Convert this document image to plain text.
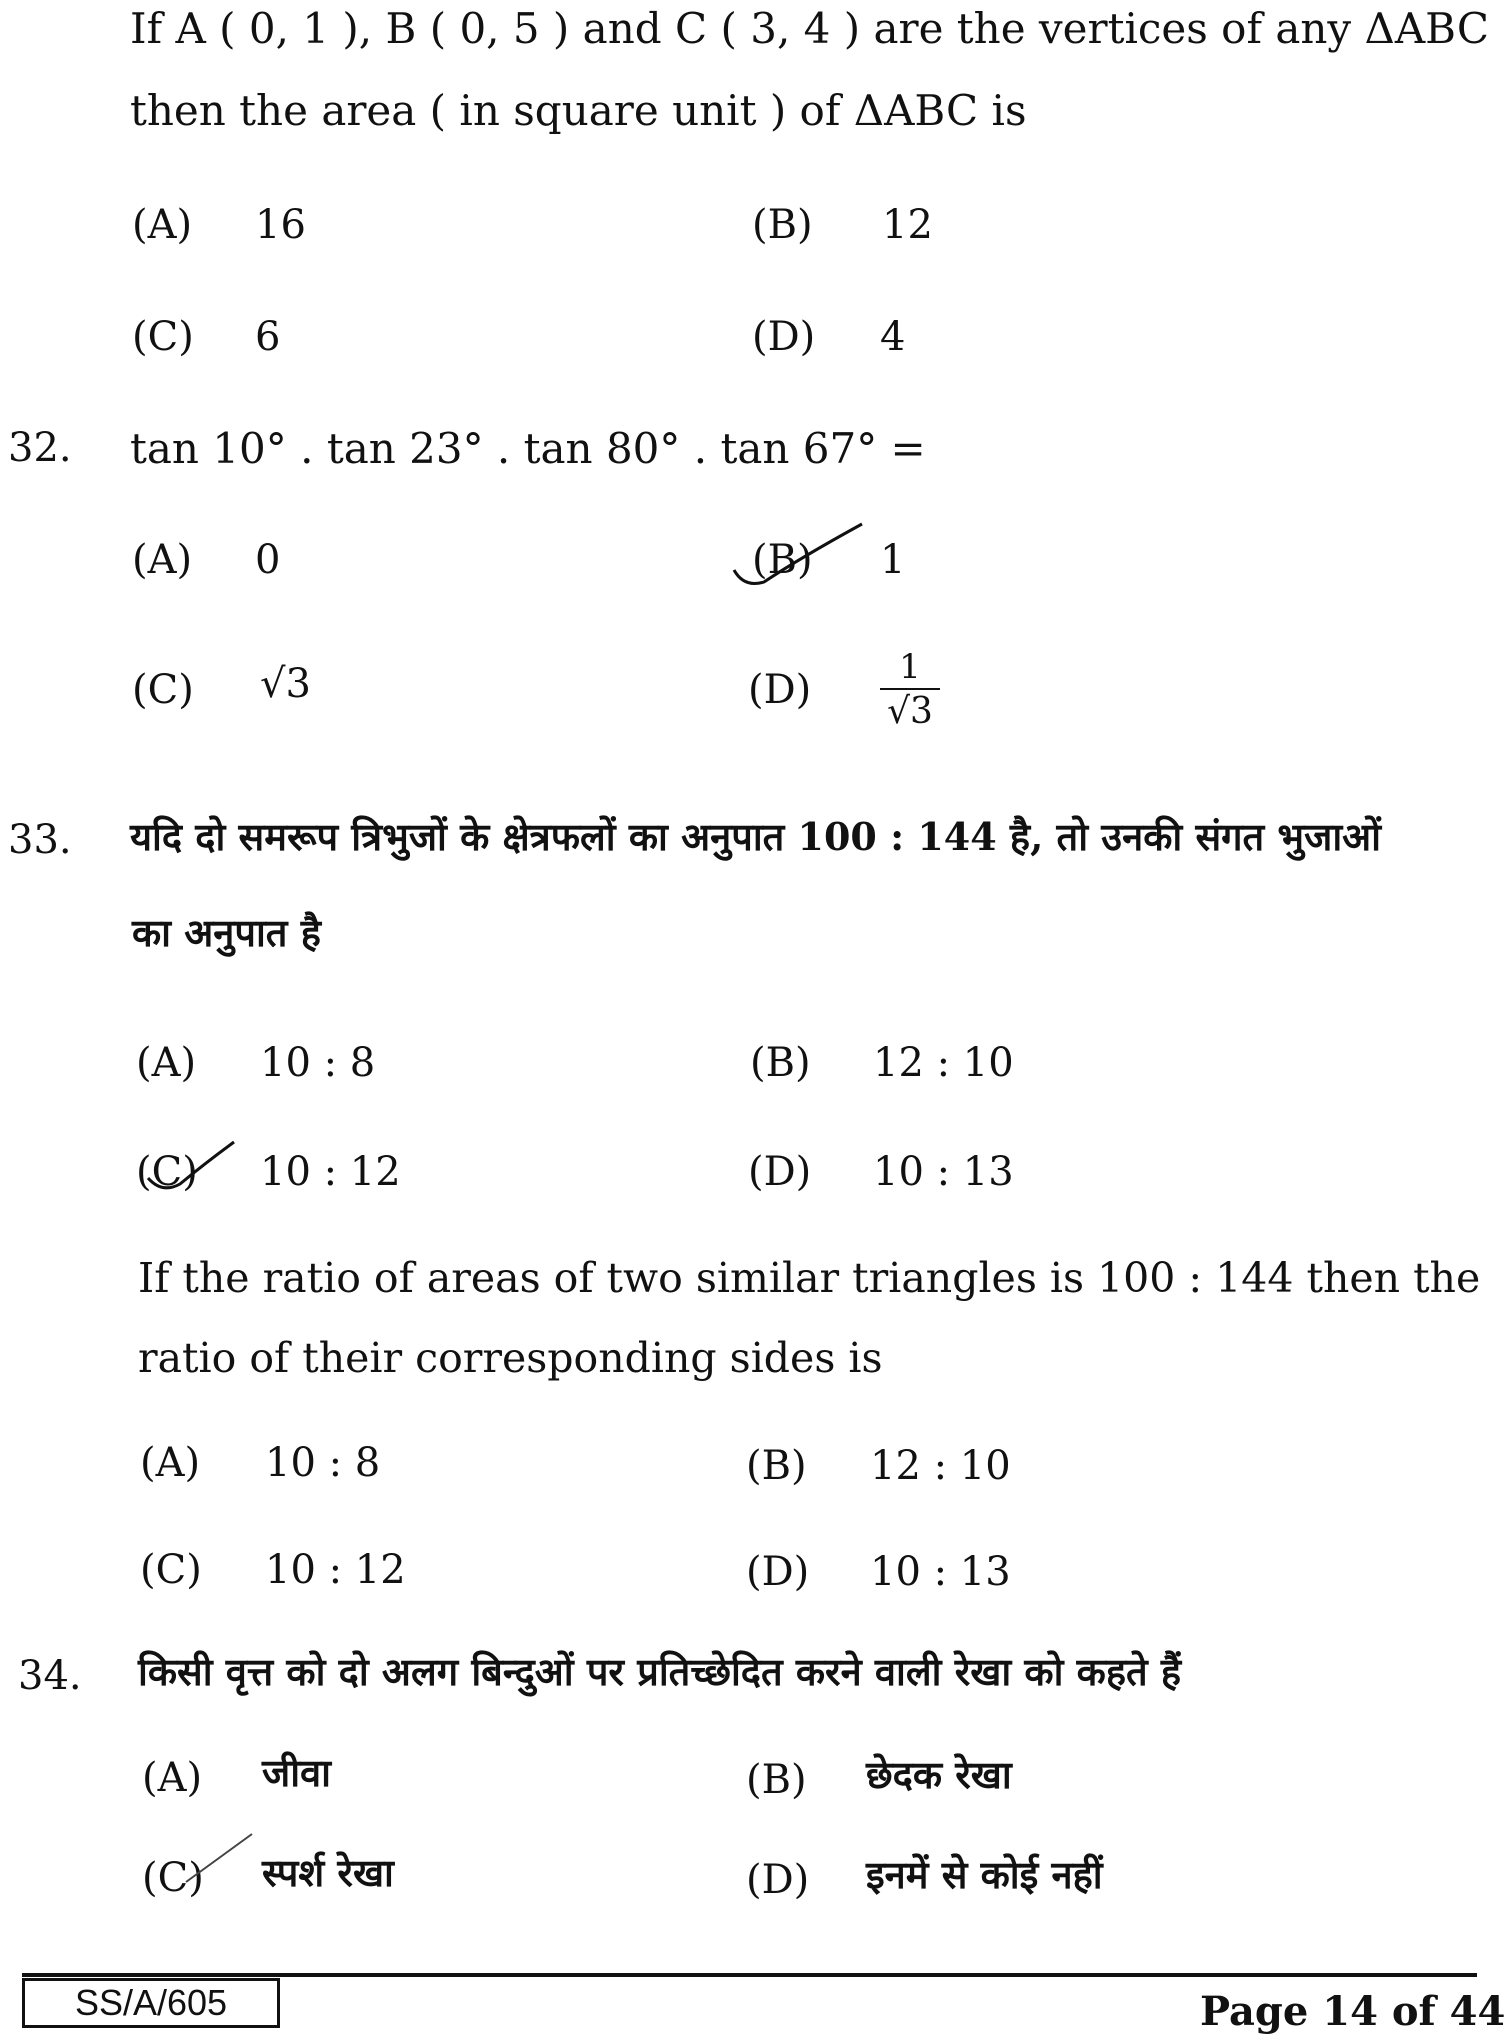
If A ( 0, 1 ), B ( 0, 5 ) and C ( 3, 4 ) are the vertices of any ΔABC
then the area ( in square unit ) of ΔABC is
(A) 16	(B) 12
(C) 6	(D) 4
32. tan 10° . tan 23° . tan 80° . tan 67° =
(A) 0	(B) 1
(C) √3	(D)	1
√3
33. यदि दो समरूप त्रिभुजों के क्षेत्रफलों का अनुपात 100 : 144 है, तो उनकी संगत भुजाओं
का अनुपात है
(A) 10 : 8	(B) 12 : 10
(C) 10 : 12	(D) 10 : 13
If the ratio of areas of two similar triangles is 100 : 144 then the
ratio of their corresponding sides is
(A) 10 : 8	(B) 12 : 10
(C) 10 : 12	(D) 10 : 13
34. किसी वृत्त को दो अलग बिन्दुओं पर प्रतिच्छेदित करने वाली रेखा को कहते हैं
(A) जीवा	(B) छेदक रेखा
(C) स्पर्श रेखा	(D) इनमें से कोई नहीं
SS/A/605	Page 14 of 44
